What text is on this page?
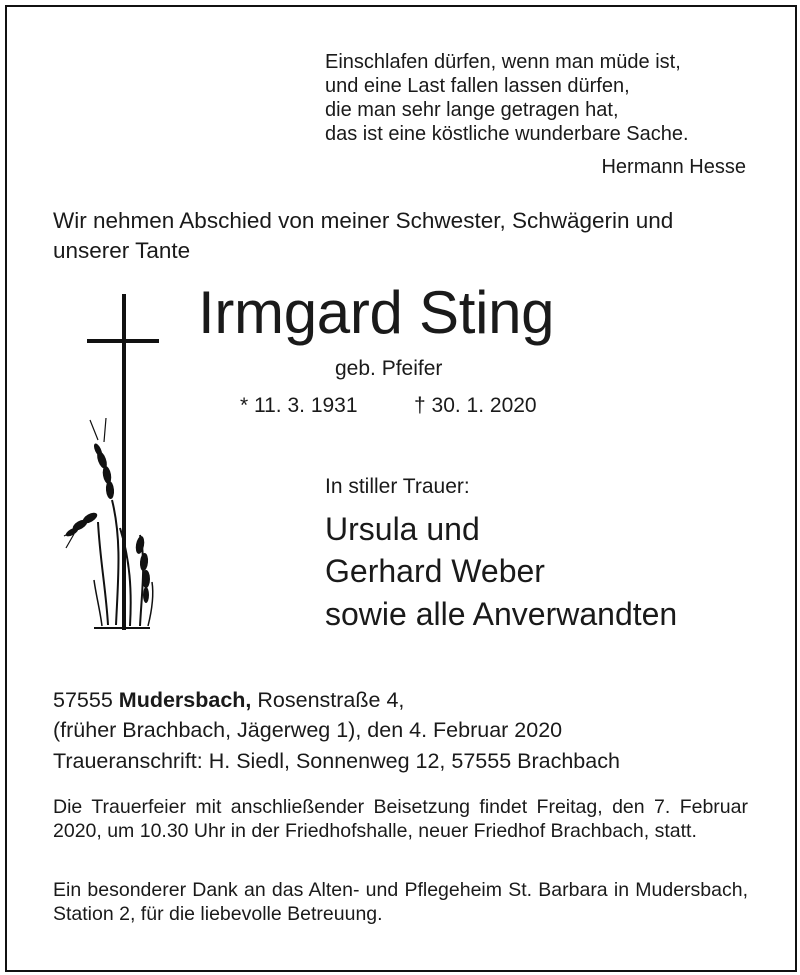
Einschlafen dürfen, wenn man müde ist,
und eine Last fallen lassen dürfen,
die man sehr lange getragen hat,
das ist eine köstliche wunderbare Sache.
Hermann Hesse
Wir nehmen Abschied von meiner Schwester, Schwägerin und
unserer Tante
Irmgard Sting
geb. Pfeifer
* 11. 3. 1931	† 30. 1. 2020
In stiller Trauer:
Ursula und
Gerhard Weber
sowie alle Anverwandten
57555 Mudersbach, Rosenstraße 4,
(früher Brachbach, Jägerweg 1), den 4. Februar 2020
Traueranschrift: H. Siedl, Sonnenweg 12, 57555 Brachbach
Die Trauerfeier mit anschließender Beisetzung findet Freitag, den 7. Februar 2020, um 10.30 Uhr in der Friedhofshalle, neuer Friedhof Brachbach, statt.
Ein besonderer Dank an das Alten- und Pflegeheim St. Barbara in Mudersbach, Station 2, für die liebevolle Betreuung.
